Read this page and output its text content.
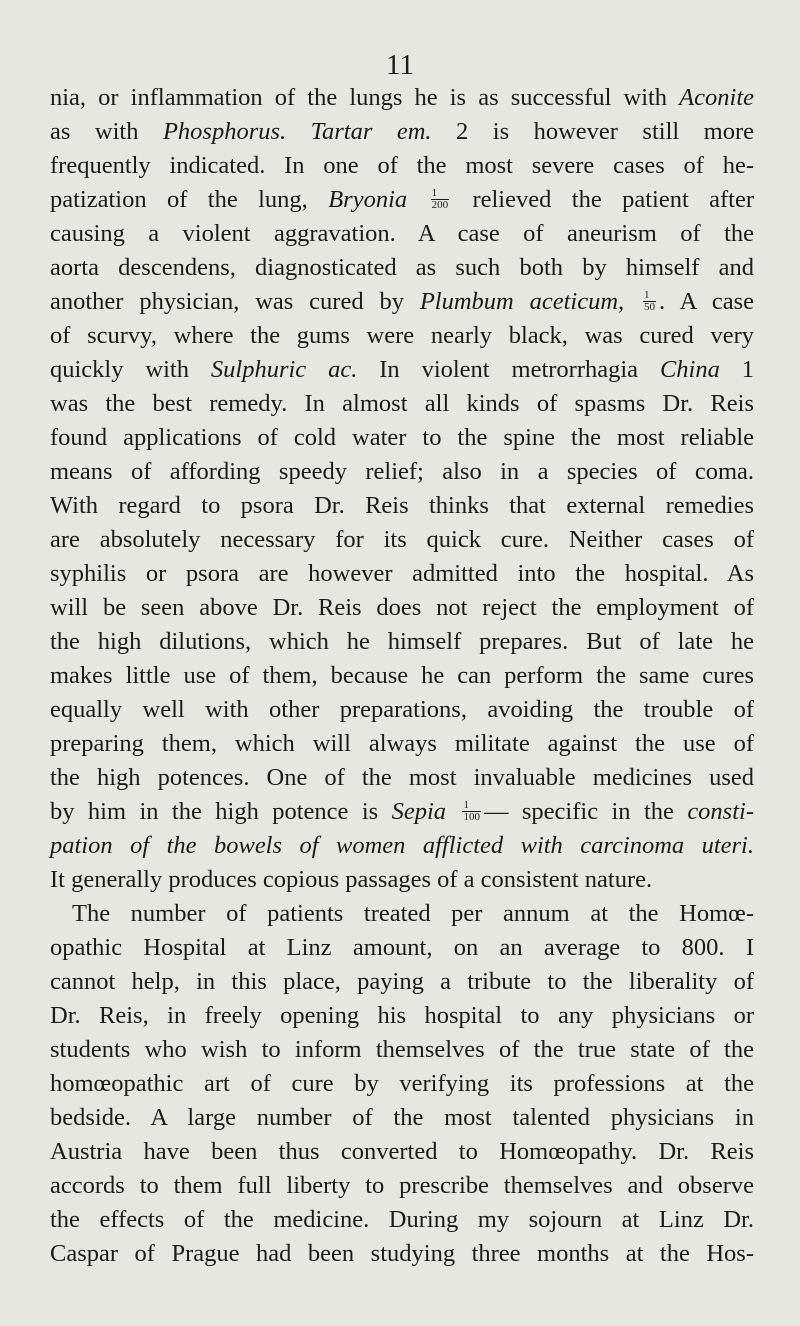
11
nia, or inflammation of the lungs he is as successful with Aconite
as with Phosphorus. Tartar em. 2 is however still more
frequently indicated. In one of the most severe cases of he-
patization of the lung, Bryonia $\frac{1}{200}$ relieved the patient after
causing a violent aggravation. A case of aneurism of the
aorta descendens, diagnosticated as such both by himself and
another physician, was cured by Plumbum aceticum, $\frac{1}{50}$ . A case
of scurvy, where the gums were nearly black, was cured very
quickly with Sulphuric ac. In violent metrorrhagia China 1
was the best remedy. In almost all kinds of spasms Dr. Reis
found applications of cold water to the spine the most reliable
means of affording speedy relief; also in a species of coma.
With regard to psora Dr. Reis thinks that external remedies
are absolutely necessary for its quick cure. Neither cases of
syphilis or psora are however admitted into the hospital. As
will be seen above Dr. Reis does not reject the employment of
the high dilutions, which he himself prepares. But of late he
makes little use of them, because he can perform the same cures
equally well with other preparations, avoiding the trouble of
preparing them, which will always militate against the use of
the high potences. One of the most invaluable medicines used
by him in the high potence is Sepia $\frac{1}{100}$ — specific in the consti-
pation of the bowels of women afflicted with carcinoma uteri.
It generally produces copious passages of a consistent nature.
The number of patients treated per annum at the Homœ-
opathic Hospital at Linz amount, on an average to 800. I
cannot help, in this place, paying a tribute to the liberality of
Dr. Reis, in freely opening his hospital to any physicians or
students who wish to inform themselves of the true state of the
homœopathic art of cure by verifying its professions at the
bedside. A large number of the most talented physicians in
Austria have been thus converted to Homœopathy. Dr. Reis
accords to them full liberty to prescribe themselves and observe
the effects of the medicine. During my sojourn at Linz Dr.
Caspar of Prague had been studying three months at the Hos-
